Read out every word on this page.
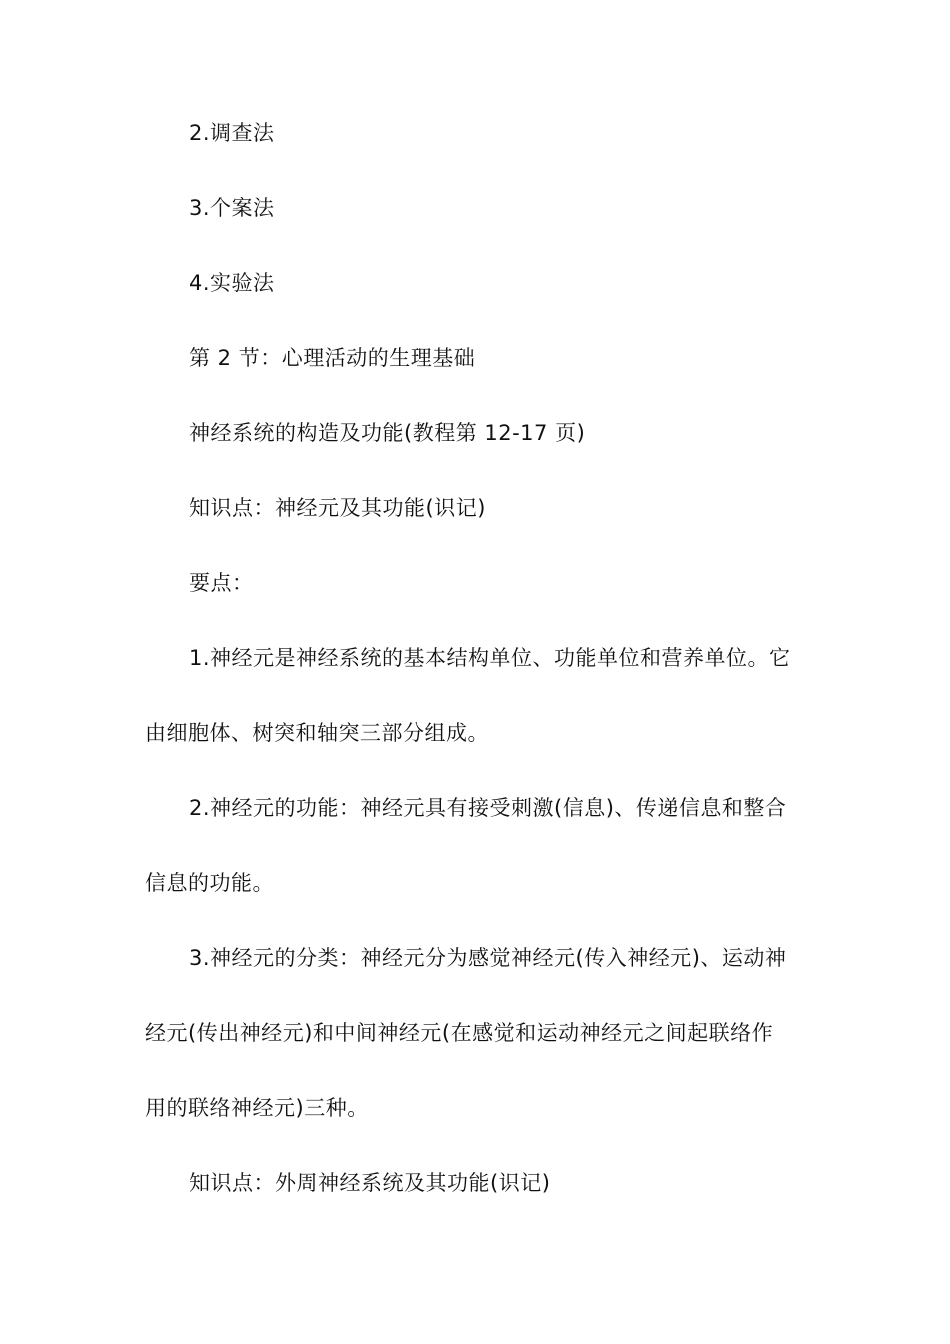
2.调查法
3.个案法
4.实验法
第 2 节：心理活动的生理基础
神经系统的构造及功能(教程第 12-17 页)
知识点：神经元及其功能(识记)
要点：
1.神经元是神经系统的基本结构单位、功能单位和营养单位。它
由细胞体、树突和轴突三部分组成。
2.神经元的功能：神经元具有接受刺激(信息)、传递信息和整合
信息的功能。
3.神经元的分类：神经元分为感觉神经元(传入神经元)、运动神
经元(传出神经元)和中间神经元(在感觉和运动神经元之间起联络作
用的联络神经元)三种。
知识点：外周神经系统及其功能(识记)
